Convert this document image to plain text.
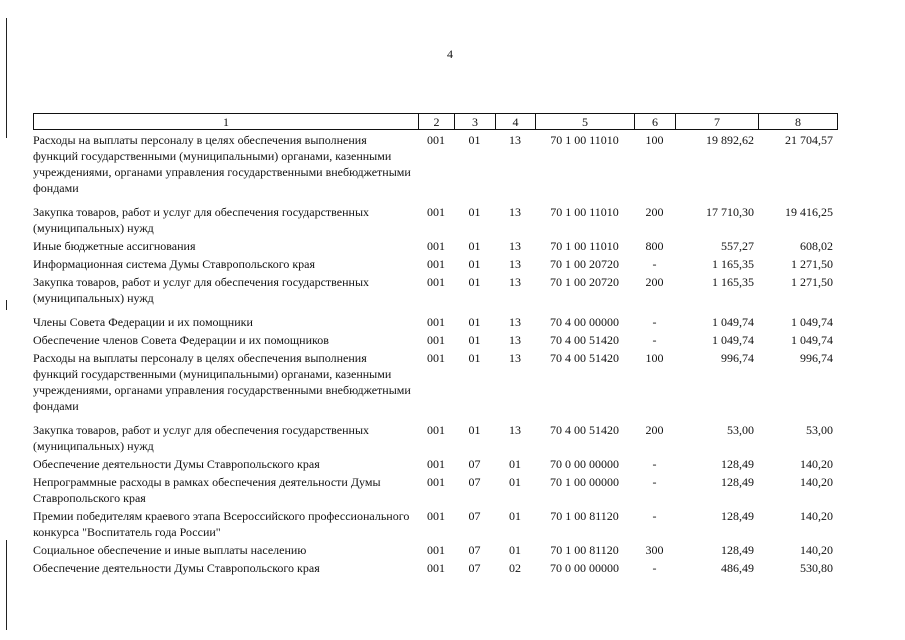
4
1	2	3	4	5	6	7	8
Расходы на выплаты персоналу в целях обеспечения выполнения функций государственными (муниципальными) органами, казенными учреждениями, органами управления государственными внебюджетными фондами	001	01	13	70 1 00 11010	100	19 892,62	21 704,57
Закупка товаров, работ и услуг для обеспечения государственных (муниципальных) нужд	001	01	13	70 1 00 11010	200	17 710,30	19 416,25
Иные бюджетные ассигнования	001	01	13	70 1 00 11010	800	557,27	608,02
Информационная система Думы Ставропольского края	001	01	13	70 1 00 20720	-	1 165,35	1 271,50
Закупка товаров, работ и услуг для обеспечения государственных (муниципальных) нужд	001	01	13	70 1 00 20720	200	1 165,35	1 271,50
Члены Совета Федерации и их помощники	001	01	13	70 4 00 00000	-	1 049,74	1 049,74
Обеспечение членов Совета Федерации и их помощников	001	01	13	70 4 00 51420	-	1 049,74	1 049,74
Расходы на выплаты персоналу в целях обеспечения выполнения функций государственными (муниципальными) органами, казенными учреждениями, органами управления государственными внебюджетными фондами	001	01	13	70 4 00 51420	100	996,74	996,74
Закупка товаров, работ и услуг для обеспечения государственных (муниципальных) нужд	001	01	13	70 4 00 51420	200	53,00	53,00
Обеспечение деятельности Думы Ставропольского края	001	07	01	70 0 00 00000	-	128,49	140,20
Непрограммные расходы в рамках обеспечения деятельности Думы Ставропольского края	001	07	01	70 1 00 00000	-	128,49	140,20
Премии победителям краевого этапа Всероссийского профессионального конкурса "Воспитатель года России"	001	07	01	70 1 00 81120	-	128,49	140,20
Социальное обеспечение и иные выплаты населению	001	07	01	70 1 00 81120	300	128,49	140,20
Обеспечение деятельности Думы Ставропольского края	001	07	02	70 0 00 00000	-	486,49	530,80
